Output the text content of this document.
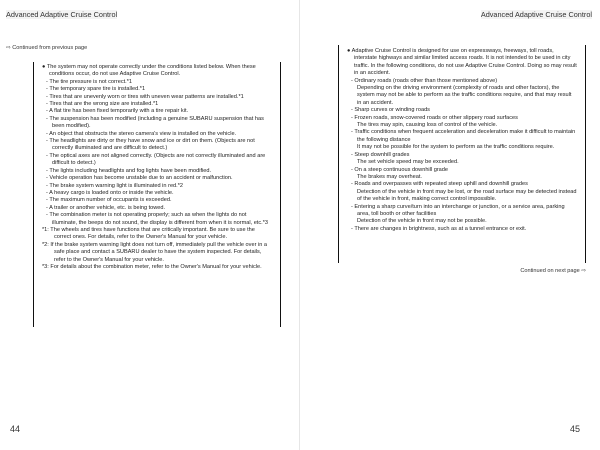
Advanced Adaptive Cruise Control
⇨ Continued from previous page
● The system may not operate correctly under the conditions listed below. When these conditions occur, do not use Adaptive Cruise Control.
- The tire pressure is not correct.*1
- The temporary spare tire is installed.*1
- Tires that are unevenly worn or tires with uneven wear patterns are installed.*1
- Tires that are the wrong size are installed.*1
- A flat tire has been fixed temporarily with a tire repair kit.
- The suspension has been modified (including a genuine SUBARU suspension that has been modified).
- An object that obstructs the stereo camera's view is installed on the vehicle.
- The headlights are dirty or they have snow and ice or dirt on them. (Objects are not correctly illuminated and are difficult to detect.)
- The optical axes are not aligned correctly. (Objects are not correctly illuminated and are difficult to detect.)
- The lights including headlights and fog lights have been modified.
- Vehicle operation has become unstable due to an accident or malfunction.
- The brake system warning light is illuminated in red.*2
- A heavy cargo is loaded onto or inside the vehicle.
- The maximum number of occupants is exceeded.
- A trailer or another vehicle, etc. is being towed.
- The combination meter is not operating properly; such as when the lights do not illuminate, the beeps do not sound, the display is different from when it is normal, etc.*3
*1: The wheels and tires have functions that are critically important. Be sure to use the correct ones. For details, refer to the Owner's Manual for your vehicle.
*2: If the brake system warning light does not turn off, immediately pull the vehicle over in a safe place and contact a SUBARU dealer to have the system inspected. For details, refer to the Owner's Manual for your vehicle.
*3: For details about the combination meter, refer to the Owner's Manual for your vehicle.
44
Advanced Adaptive Cruise Control
● Adaptive Cruise Control is designed for use on expressways, freeways, toll roads, interstate highways and similar limited access roads. It is not intended to be used in city traffic. In the following conditions, do not use Adaptive Cruise Control. Doing so may result in an accident.
- Ordinary roads (roads other than those mentioned above)
Depending on the driving environment (complexity of roads and other factors), the system may not be able to perform as the traffic conditions require, and that may result in an accident.
- Sharp curves or winding roads
- Frozen roads, snow-covered roads or other slippery road surfaces
The tires may spin, causing loss of control of the vehicle.
- Traffic conditions when frequent acceleration and deceleration make it difficult to maintain the following distance
It may not be possible for the system to perform as the traffic conditions require.
- Steep downhill grades
The set vehicle speed may be exceeded.
- On a steep continuous downhill grade
The brakes may overheat.
- Roads and overpasses with repeated steep uphill and downhill grades
Detection of the vehicle in front may be lost, or the road surface may be detected instead of the vehicle in front, making correct control impossible.
- Entering a sharp curve/turn into an interchange or junction, or a service area, parking area, toll booth or other facilities
Detection of the vehicle in front may not be possible.
- There are changes in brightness, such as at a tunnel entrance or exit.
Continued on next page ⇨
45
